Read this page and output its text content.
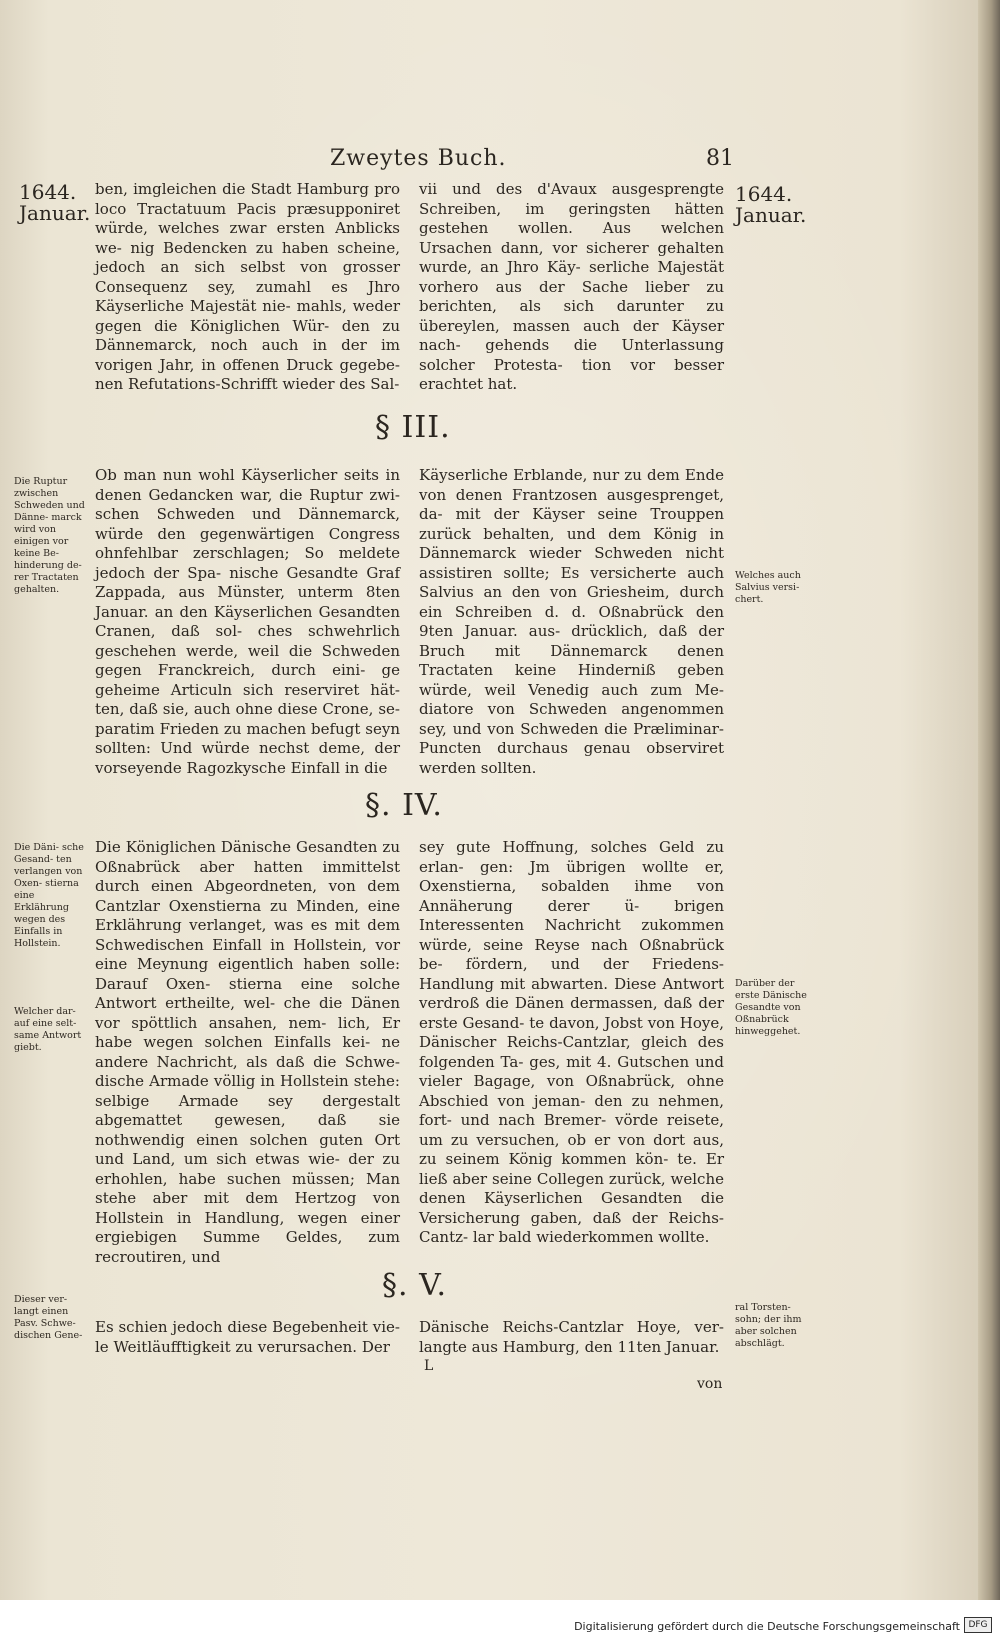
Zweytes Buch.	81
1644.
Januar.
1644.
Januar.

ben, imgleichen die Stadt Hamburg pro loco Tractatuum Pacis præsupponiret würde, welches zwar ersten Anblicks we- nig Bedencken zu haben scheine, jedoch an sich selbst von grosser Consequenz sey, zumahl es Jhro Käyserliche Majestät nie- mahls, weder gegen die Königlichen Wür- den zu Dännemarck, noch auch in der im vorigen Jahr, in offenen Druck gegebe- nen Refutations-Schrifft wieder des Sal-

vii und des d'Avaux ausgesprengte Schreiben, im geringsten hätten gestehen wollen. Aus welchen Ursachen dann, vor sicherer gehalten wurde, an Jhro Käy- serliche Majestät vorhero aus der Sache lieber zu berichten, als sich darunter zu übereylen, massen auch der Käyser nach- gehends die Unterlassung solcher Protesta- tion vor besser erachtet hat.

§ III.
Die Ruptur zwischen Schweden und Dänne- marck wird von einigen vor keine Be- hinderung de- rer Tractaten gehalten.
Welches auch Salvius versi- chert.

Ob man nun wohl Käyserlicher seits in denen Gedancken war, die Ruptur zwi- schen Schweden und Dännemarck, würde den gegenwärtigen Congress ohnfehlbar zerschlagen; So meldete jedoch der Spa- nische Gesandte Graf Zappada, aus Münster, unterm 8ten Januar. an den Käyserlichen Gesandten Cranen, daß sol- ches schwehrlich geschehen werde, weil die Schweden gegen Franckreich, durch eini- ge geheime Articuln sich reserviret hät- ten, daß sie, auch ohne diese Crone, se- paratim Frieden zu machen befugt seyn sollten: Und würde nechst deme, der vorseyende Ragozkysche Einfall in die

Käyserliche Erblande, nur zu dem Ende von denen Frantzosen ausgesprenget, da- mit der Käyser seine Trouppen zurück behalten, und dem König in Dännemarck wieder Schweden nicht assistiren sollte; Es versicherte auch Salvius an den von Griesheim, durch ein Schreiben d. d. Oßnabrück den 9ten Januar. aus- drücklich, daß der Bruch mit Dännemarck denen Tractaten keine Hinderniß geben würde, weil Venedig auch zum Me- diatore von Schweden angenommen sey, und von Schweden die Præliminar- Puncten durchaus genau observiret werden sollten.

§. IV.
Die Däni- sche Gesand- ten verlangen von Oxen- stierna eine Erklährung wegen des Einfalls in Hollstein.
Welcher dar- auf eine selt- same Antwort giebt.
Darüber der erste Dänische Gesandte von Oßnabrück hinweggehet.

Die Königlichen Dänische Gesandten zu Oßnabrück aber hatten immittelst durch einen Abgeordneten, von dem Cantzlar Oxenstierna zu Minden, eine Erklährung verlanget, was es mit dem Schwedischen Einfall in Hollstein, vor eine Meynung eigentlich haben solle: Darauf Oxen- stierna eine solche Antwort ertheilte, wel- che die Dänen vor spöttlich ansahen, nem- lich, Er habe wegen solchen Einfalls kei- ne andere Nachricht, als daß die Schwe- dische Armade völlig in Hollstein stehe: selbige Armade sey dergestalt abgemattet gewesen, daß sie nothwendig einen solchen guten Ort und Land, um sich etwas wie- der zu erhohlen, habe suchen müssen; Man stehe aber mit dem Hertzog von Hollstein in Handlung, wegen einer ergiebigen Summe Geldes, zum recroutiren, und

sey gute Hoffnung, solches Geld zu erlan- gen: Jm übrigen wollte er, Oxenstierna, sobalden ihme von Annäherung derer ü- brigen Interessenten Nachricht zukommen würde, seine Reyse nach Oßnabrück be- fördern, und der Friedens-Handlung mit abwarten. Diese Antwort verdroß die Dänen dermassen, daß der erste Gesand- te davon, Jobst von Hoye, Dänischer Reichs-Cantzlar, gleich des folgenden Ta- ges, mit 4. Gutschen und vieler Bagage, von Oßnabrück, ohne Abschied von jeman- den zu nehmen, fort- und nach Bremer- vörde reisete, um zu versuchen, ob er von dort aus, zu seinem König kommen kön- te. Er ließ aber seine Collegen zurück, welche denen Käyserlichen Gesandten die Versicherung gaben, daß der Reichs-Cantz- lar bald wiederkommen wollte.

§. V.
Dieser ver- langt einen Pasv. Schwe- dischen Gene-
ral Torsten- sohn; der ihm aber solchen abschlägt.

Es schien jedoch diese Begebenheit vie- le Weitläufftigkeit zu verursachen. Der

Dänische Reichs-Cantzlar Hoye, ver- langte aus Hamburg, den 11ten Januar.

L
von
Digitalisierung gefördert durch die Deutsche Forschungsgemeinschaft DFG
